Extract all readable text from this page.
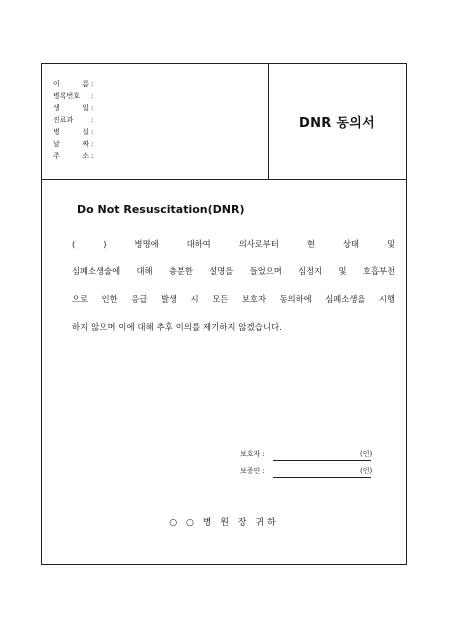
이 름 :
병록번호 :
생 일 :
진료과	:
병 실 :
날 짜 :
주 소 :
DNR 동의서
Do Not Resuscitation(DNR)
( ) 병명에 대하여 의사로부터 현 상태 및
심폐소생술에 대해 충분한 설명을 들었으며 심정지 및 호흡부전
으로 인한 응급 발생 시 모든 보호자 동의하에 심폐소생을 시행
하지 않으며 이에 대해 추후 이의를 제기하지 않겠습니다.
보호자 :	(인)
보증인 :	(인)
○ ○ 병 원 장 귀하
